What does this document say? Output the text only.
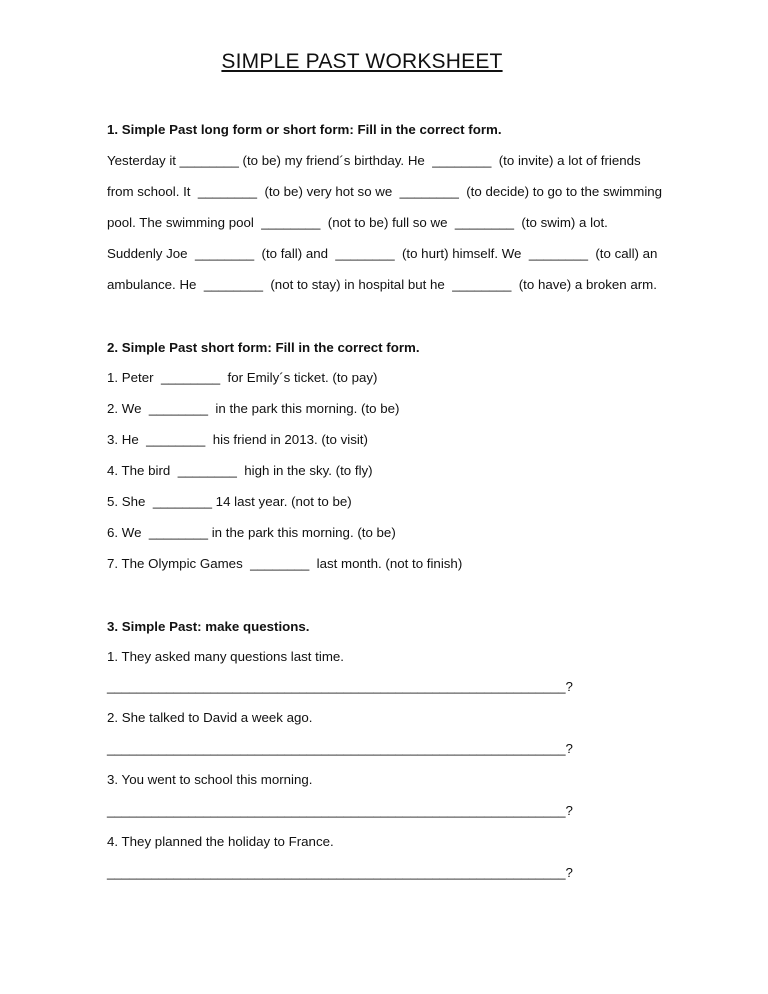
SIMPLE PAST WORKSHEET
1. Simple Past long form or short form: Fill in the correct form.
Yesterday it ________ (to be) my friend´s birthday. He  ________  (to invite) a lot of friends
from school. It  ________  (to be) very hot so we  ________  (to decide) to go to the swimming
pool. The swimming pool  ________  (not to be) full so we  ________  (to swim) a lot.
Suddenly Joe  ________  (to fall) and  ________  (to hurt) himself. We  ________  (to call) an
ambulance. He  ________  (not to stay) in hospital but he  ________  (to have) a broken arm.
2. Simple Past short form: Fill in the correct form.
1. Peter  ________  for Emily´s ticket. (to pay)
2. We  ________  in the park this morning. (to be)
3. He  ________  his friend in 2013. (to visit)
4. The bird  ________  high in the sky. (to fly)
5. She  ________ 14 last year. (not to be)
6. We  ________ in the park this morning. (to be)
7. The Olympic Games  ________  last month. (not to finish)
3. Simple Past: make questions.
1. They asked many questions last time.
______________________________________________________________?
2. She talked to David a week ago.
______________________________________________________________?
3. You went to school this morning.
______________________________________________________________?
4. They planned the holiday to France.
______________________________________________________________?
